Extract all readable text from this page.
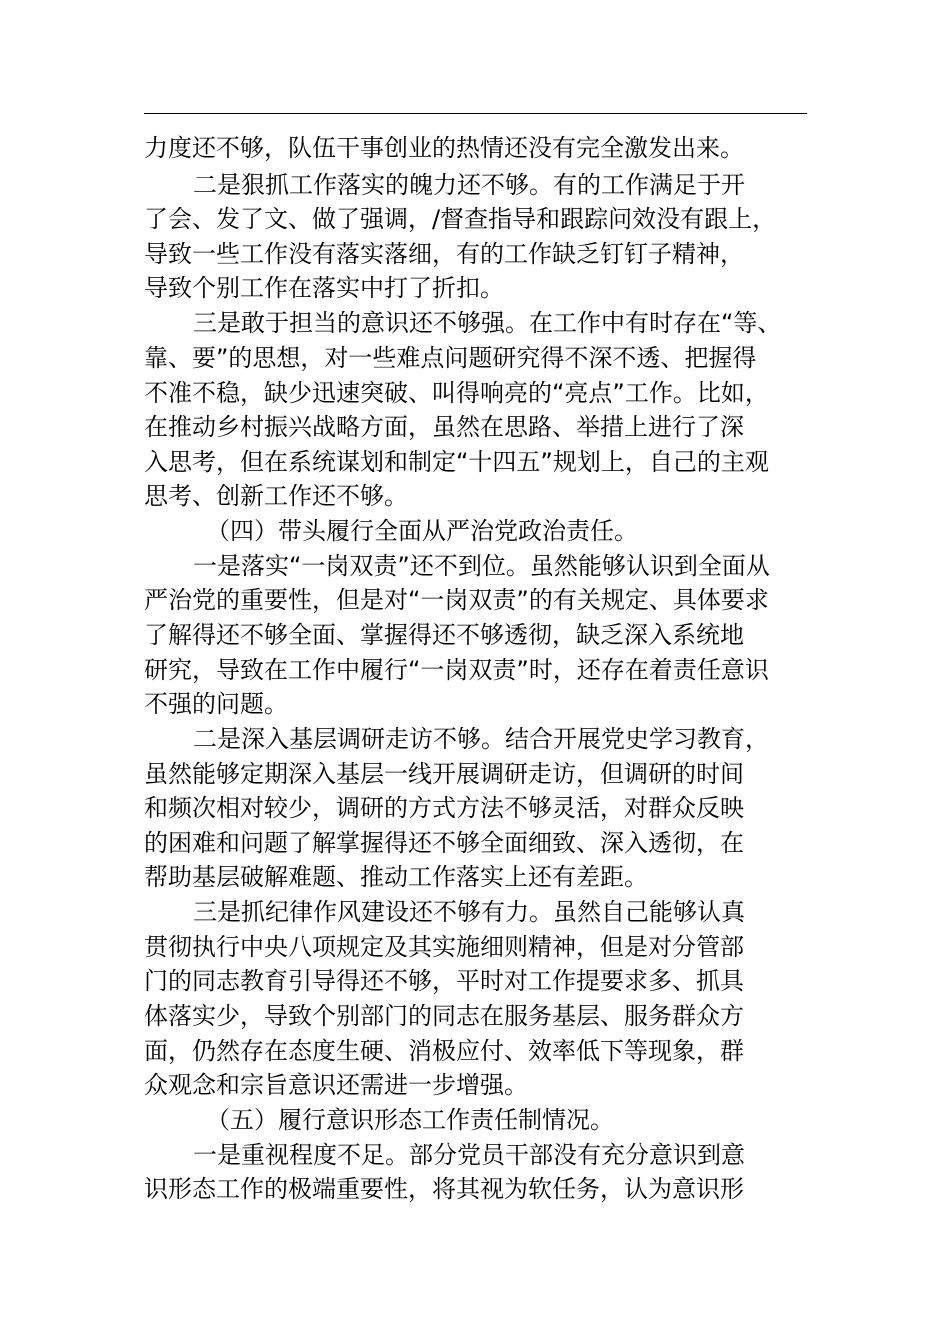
力度还不够，队伍干事创业的热情还没有完全激发出来。
二是狠抓工作落实的魄力还不够。有的工作满足于开
了会、发了文、做了强调，/督查指导和跟踪问效没有跟上，
导致一些工作没有落实落细，有的工作缺乏钉钉子精神，
导致个别工作在落实中打了折扣。
三是敢于担当的意识还不够强。在工作中有时存在“等、
靠、要”的思想，对一些难点问题研究得不深不透、把握得
不准不稳，缺少迅速突破、叫得响亮的“亮点”工作。比如，
在推动乡村振兴战略方面，虽然在思路、举措上进行了深
入思考，但在系统谋划和制定“十四五”规划上，自己的主观
思考、创新工作还不够。
（四）带头履行全面从严治党政治责任。
一是落实“一岗双责”还不到位。虽然能够认识到全面从
严治党的重要性，但是对“一岗双责”的有关规定、具体要求
了解得还不够全面、掌握得还不够透彻，缺乏深入系统地
研究，导致在工作中履行“一岗双责”时，还存在着责任意识
不强的问题。
二是深入基层调研走访不够。结合开展党史学习教育，
虽然能够定期深入基层一线开展调研走访，但调研的时间
和频次相对较少，调研的方式方法不够灵活，对群众反映
的困难和问题了解掌握得还不够全面细致、深入透彻，在
帮助基层破解难题、推动工作落实上还有差距。
三是抓纪律作风建设还不够有力。虽然自己能够认真
贯彻执行中央八项规定及其实施细则精神，但是对分管部
门的同志教育引导得还不够，平时对工作提要求多、抓具
体落实少，导致个别部门的同志在服务基层、服务群众方
面，仍然存在态度生硬、消极应付、效率低下等现象，群
众观念和宗旨意识还需进一步增强。
（五）履行意识形态工作责任制情况。
一是重视程度不足。部分党员干部没有充分意识到意
识形态工作的极端重要性，将其视为软任务，认为意识形
